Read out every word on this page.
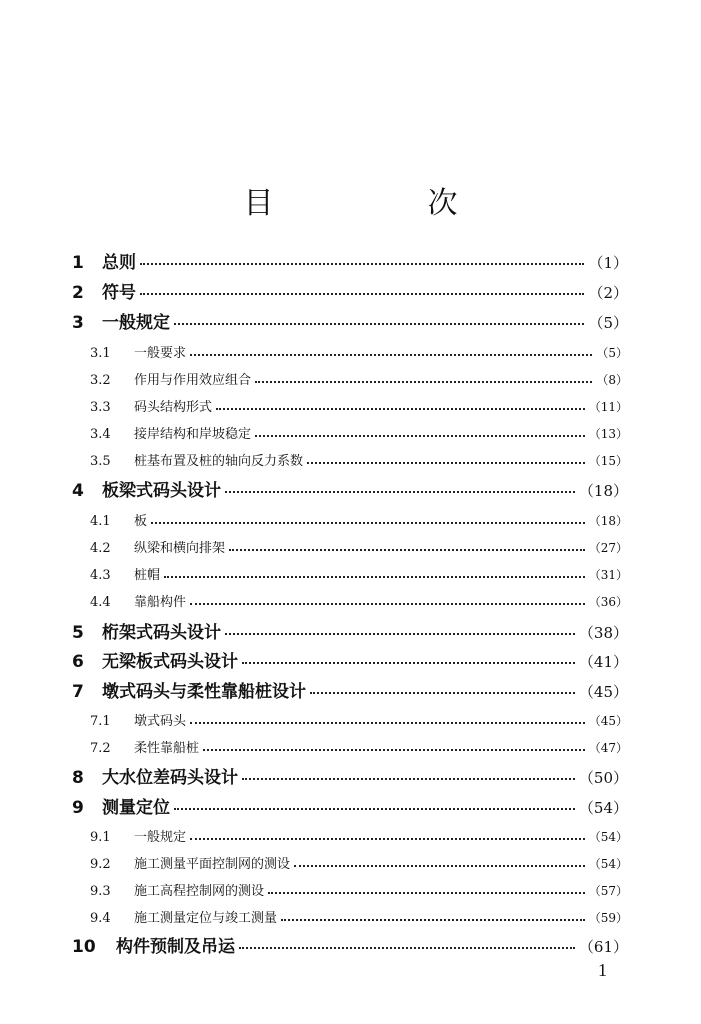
目　次
1	总则	（1）
2	符号	（2）
3	一般规定	（5）
3.1	一般要求	（5）
3.2	作用与作用效应组合	（8）
3.3	码头结构形式	（11）
3.4	接岸结构和岸坡稳定	（13）
3.5	桩基布置及桩的轴向反力系数	（15）
4	板梁式码头设计	（18）
4.1	板	（18）
4.2	纵梁和横向排架	（27）
4.3	桩帽	（31）
4.4	靠船构件	（36）
5	桁架式码头设计	（38）
6	无梁板式码头设计	（41）
7	墩式码头与柔性靠船桩设计	（45）
7.1	墩式码头	（45）
7.2	柔性靠船桩	（47）
8	大水位差码头设计	（50）
9	测量定位	（54）
9.1	一般规定	（54）
9.2	施工测量平面控制网的测设	（54）
9.3	施工高程控制网的测设	（57）
9.4	施工测量定位与竣工测量	（59）
10	构件预制及吊运	（61）
1
